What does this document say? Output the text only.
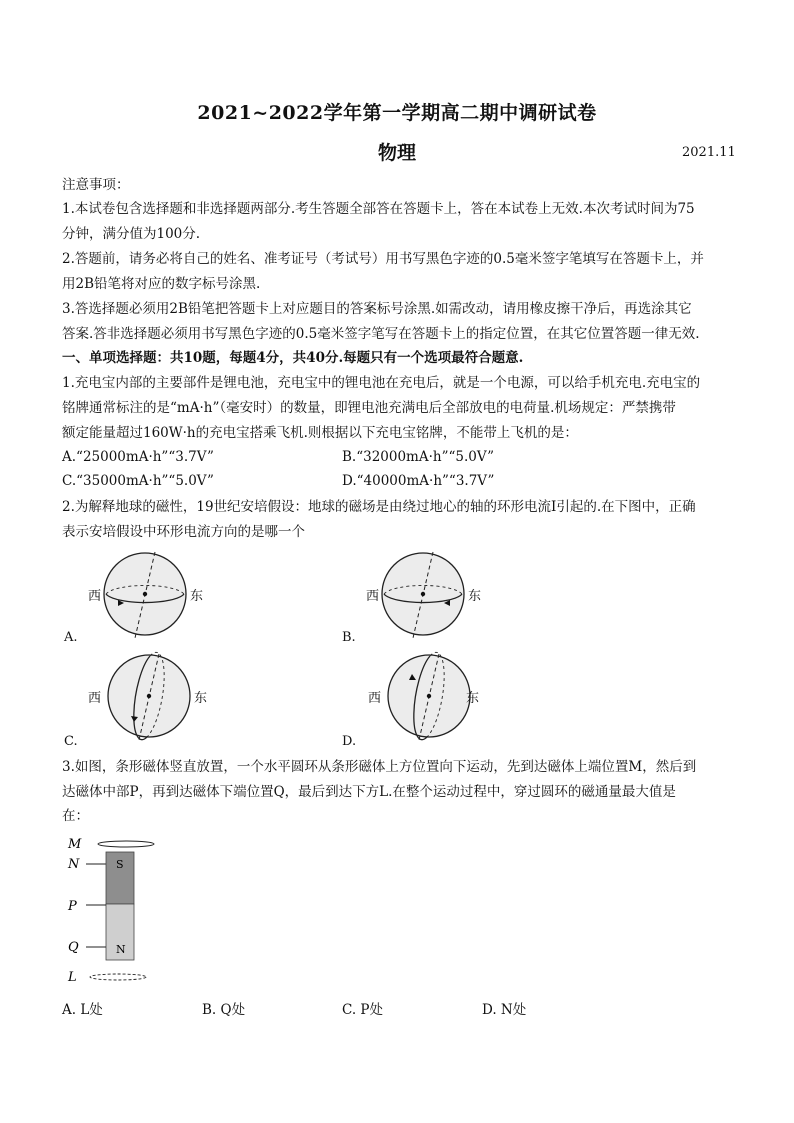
2021~2022学年第一学期高二期中调研试卷
物理	2021.11
注意事项：
1.本试卷包含选择题和非选择题两部分.考生答题全部答在答题卡上，答在本试卷上无效.本次考试时间为75
分钟，满分值为100分.
2.答题前，请务必将自己的姓名、准考证号（考试号）用书写黑色字迹的0.5毫米签字笔填写在答题卡上，并
用2B铅笔将对应的数字标号涂黑.
3.答选择题必须用2B铅笔把答题卡上对应题目的答案标号涂黑.如需改动，请用橡皮擦干净后，再选涂其它
答案.答非选择题必须用书写黑色字迹的0.5毫米签字笔写在答题卡上的指定位置，在其它位置答题一律无效.
一、单项选择题：共10题，每题4分，共40分.每题只有一个选项最符合题意.
1.充电宝内部的主要部件是锂电池，充电宝中的锂电池在充电后，就是一个电源，可以给手机充电.充电宝的
铭牌通常标注的是“mA·h”（毫安时）的数量，即锂电池充满电后全部放电的电荷量.机场规定：严禁携带
额定能量超过160W·h的充电宝搭乘飞机.则根据以下充电宝铭牌，不能带上飞机的是：
A.“25000mA·h”“3.7V”	B.“32000mA·h”“5.0V”
C.“35000mA·h”“5.0V”	D.“40000mA·h”“3.7V”
2.为解释地球的磁性，19世纪安培假设：地球的磁场是由绕过地心的轴的环形电流I引起的.在下图中，正确
表示安培假设中环形电流方向的是哪一个
西	东
A.
西	东
B.
西	东
C.
西	东
D.
3.如图，条形磁体竖直放置，一个水平圆环从条形磁体上方位置向下运动，先到达磁体上端位置M，然后到
达磁体中部P，再到达磁体下端位置Q，最后到达下方L.在整个运动过程中，穿过圆环的磁通量最大值是
在：
M
N	S
N
P
Q
L
A. L处	B. Q处	C. P处	D. N处
